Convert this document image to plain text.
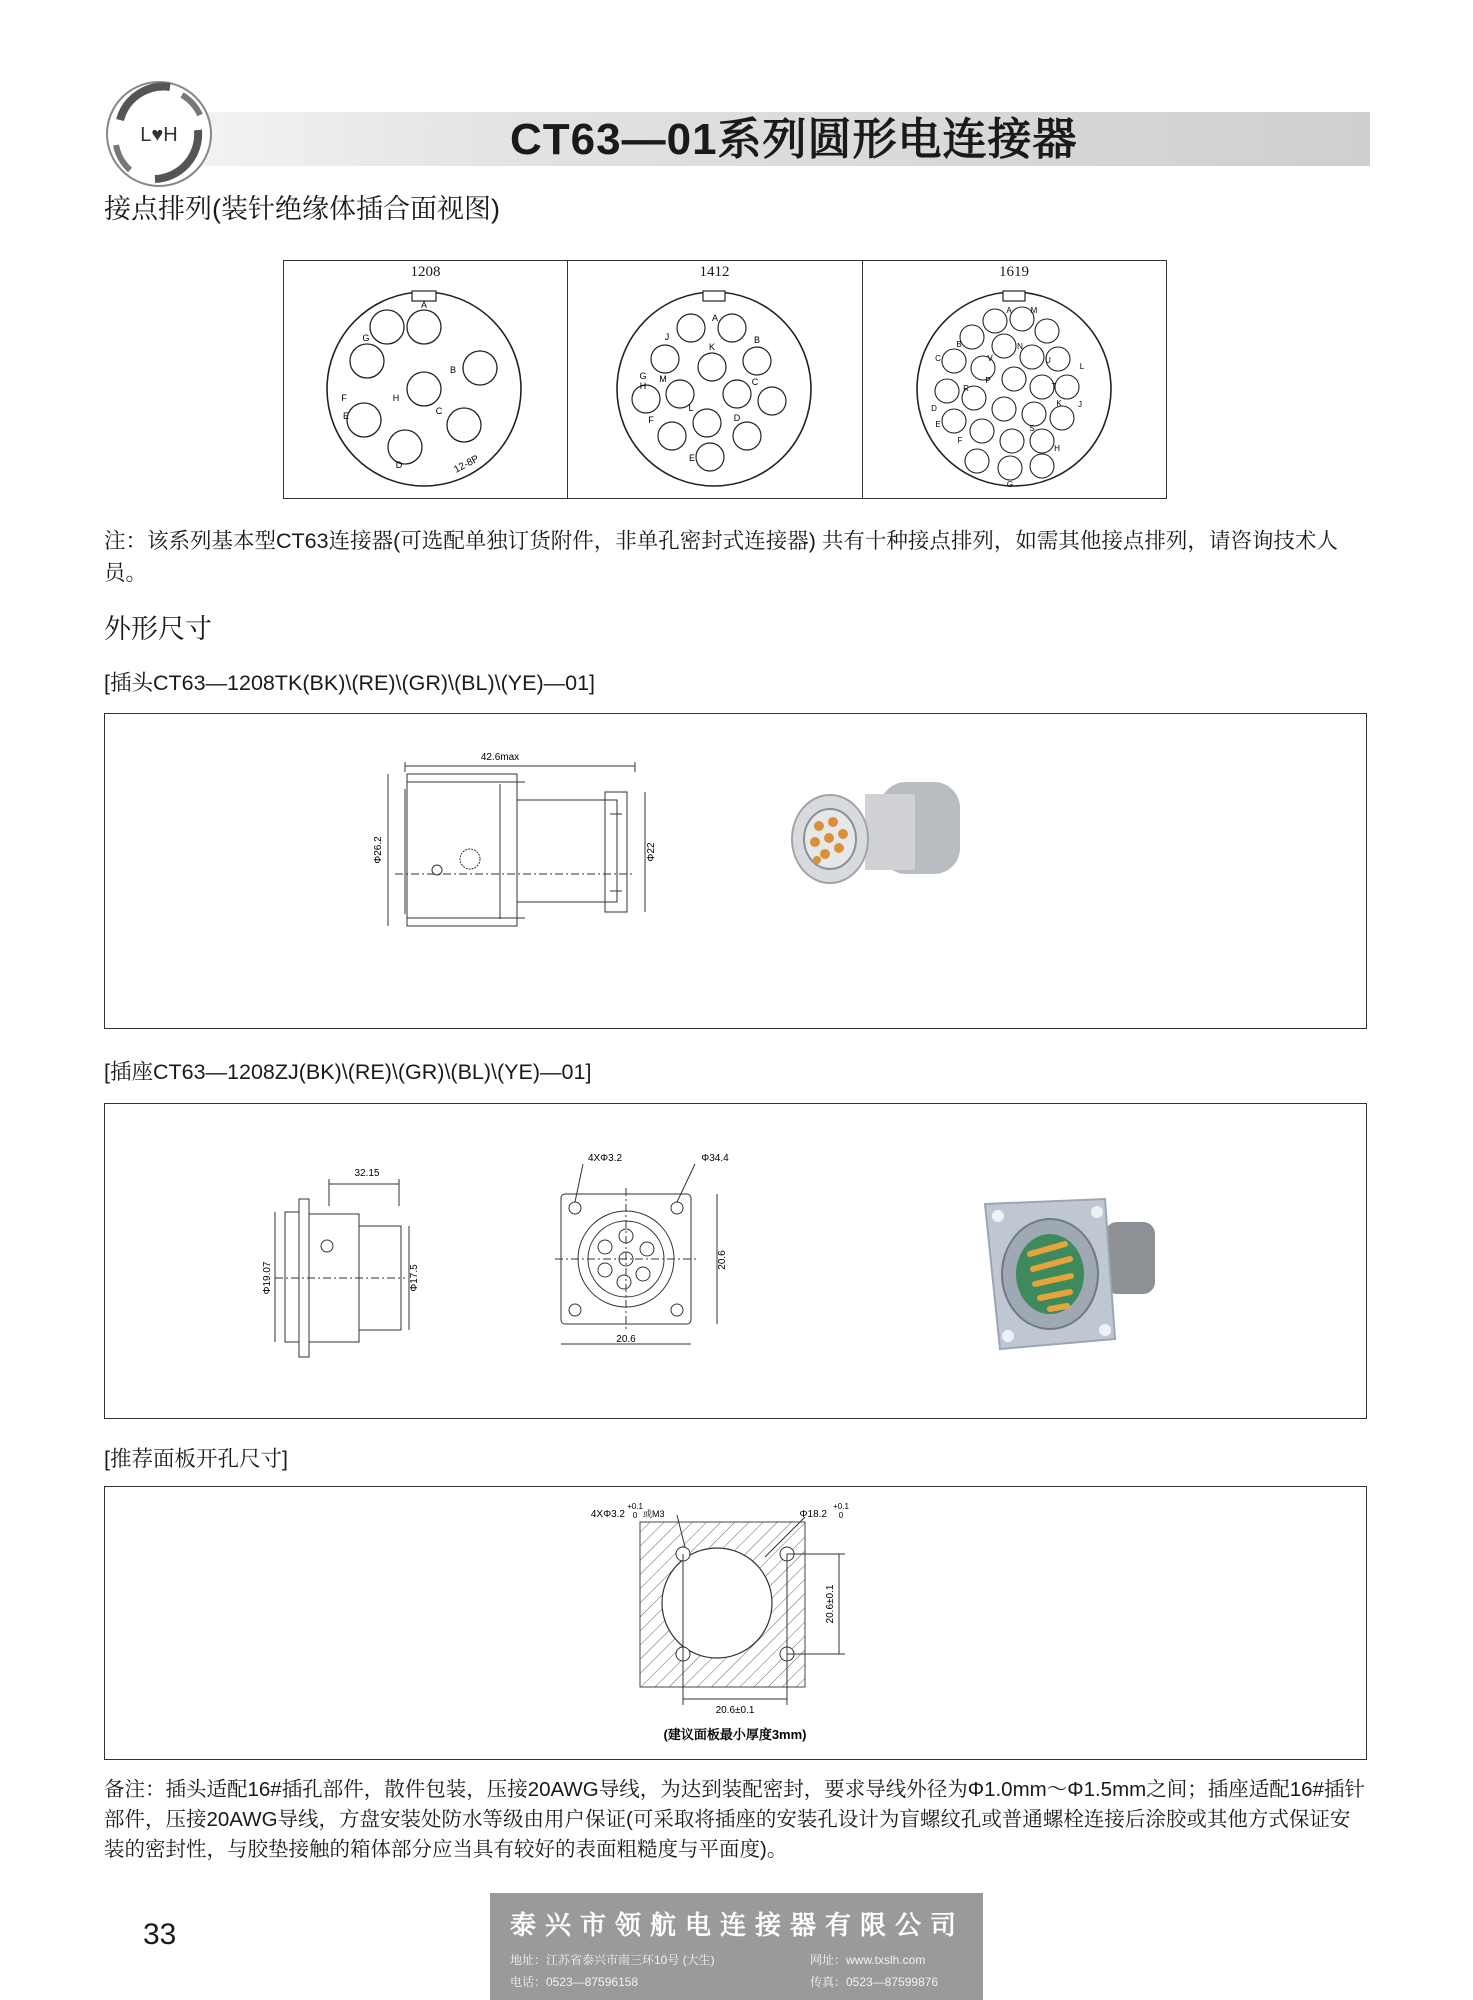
L♥H	CT63—01系列圆形电连接器
接点排列(装针绝缘体插合面视图)
1208
A
B
C
D
E
F
G
H
12-8P
1412
A
B
C
D
E
F
G
H
J
K
L
M
1619
A
B
C
D
E
F
G
H
J
K
L
M
N
P
R
S
T
U
V
注：该系列基本型CT63连接器(可选配单独订货附件，非单孔密封式连接器) 共有十种接点排列，如需其他接点排列，请咨询技术人员。
外形尺寸
[插头CT63—1208TK(BK)\(RE)\(GR)\(BL)\(YE)—01]
42.6max
Φ26.2	Φ22
[插座CT63—1208ZJ(BK)\(RE)\(GR)\(BL)\(YE)—01]
32.15
Φ19.07	Φ17.5
4XΦ3.2	Φ34.4
20.6
20.6
[推荐面板开孔尺寸]
4XΦ3.2
+0.1
0 或M3	Φ18.2
+0.1
0
20.6±0.1
20.6±0.1
(建议面板最小厚度3mm)
备注：插头适配16#插孔部件，散件包装，压接20AWG导线，为达到装配密封，要求导线外径为Φ1.0mm～Φ1.5mm之间；插座适配16#插针部件，压接20AWG导线，方盘安装处防水等级由用户保证(可采取将插座的安装孔设计为盲螺纹孔或普通螺栓连接后涂胶或其他方式保证安装的密封性，与胶垫接触的箱体部分应当具有较好的表面粗糙度与平面度)。
33	泰兴市领航电连接器有限公司
地址：江苏省泰兴市南三环10号 (大生)	网址：www.txslh.com
电话：0523—87596158	传真：0523—87599876
